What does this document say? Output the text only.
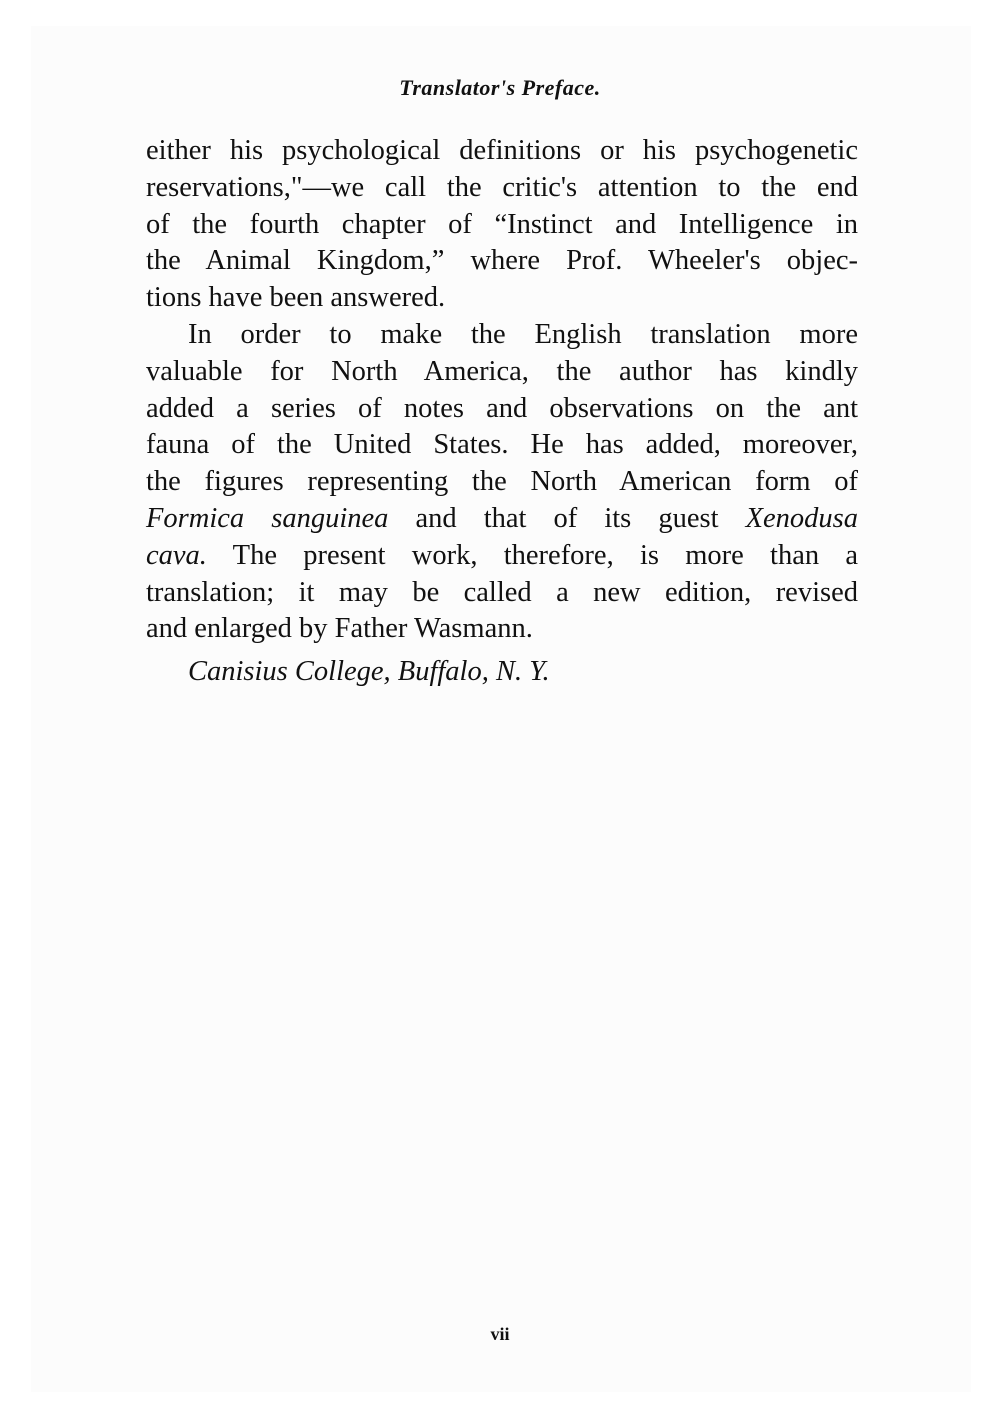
Translator's Preface.
either his psychological definitions or his psychogenetic
reservations,"—we call the critic's attention to the end
of the fourth chapter of “Instinct and Intelligence in
the Animal Kingdom,” where Prof. Wheeler's objec-
tions have been answered.
In order to make the English translation more
valuable for North America, the author has kindly
added a series of notes and observations on the ant
fauna of the United States. He has added, moreover,
the figures representing the North American form of
Formica sanguinea and that of its guest Xenodusa
cava. The present work, therefore, is more than a
translation; it may be called a new edition, revised
and enlarged by Father Wasmann.
Canisius College, Buffalo, N. Y.
vii
